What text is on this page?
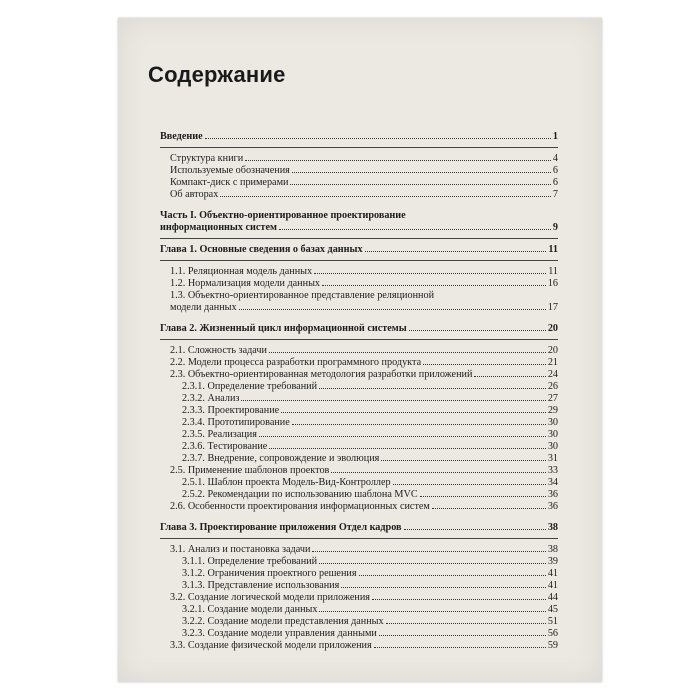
Содержание
Введение	1
Структура книги	4
Используемые обозначения	6
Компакт-диск с примерами	6
Об авторах	7
Часть I. Объектно-ориентированное проектирование
информационных систем	9
Глава 1. Основные сведения о базах данных	11
1.1. Реляционная модель данных	11
1.2. Нормализация модели данных	16
1.3. Объектно-ориентированное представление реляционной
модели данных	17
Глава 2. Жизненный цикл информационной системы	20
2.1. Сложность задачи	20
2.2. Модели процесса разработки программного продукта	21
2.3. Объектно-ориентированная методология разработки приложений	24
2.3.1. Определение требований	26
2.3.2. Анализ	27
2.3.3. Проектирование	29
2.3.4. Прототипирование	30
2.3.5. Реализация	30
2.3.6. Тестирование	30
2.3.7. Внедрение, сопровождение и эволюция	31
2.5. Применение шаблонов проектов	33
2.5.1. Шаблон проекта Модель-Вид-Контроллер	34
2.5.2. Рекомендации по использованию шаблона MVC	36
2.6. Особенности проектирования информационных систем	36
Глава 3. Проектирование приложения Отдел кадров	38
3.1. Анализ и постановка задачи	38
3.1.1. Определение требований	39
3.1.2. Ограничения проектного решения	41
3.1.3. Представление использования	41
3.2. Создание логической модели приложения	44
3.2.1. Создание модели данных	45
3.2.2. Создание модели представления данных	51
3.2.3. Создание модели управления данными	56
3.3. Создание физической модели приложения	59
